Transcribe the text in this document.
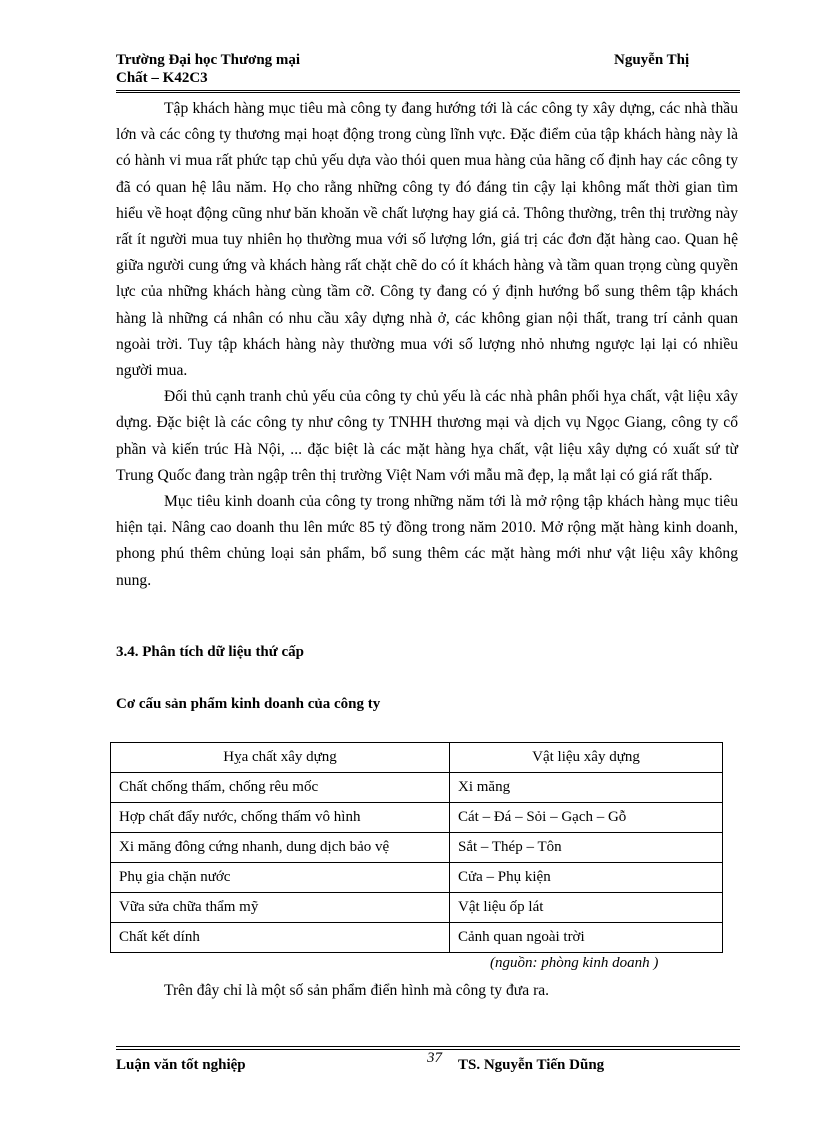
Trường Đại học Thương mại
Chất – K42C3
Nguyễn Thị

Tập khách hàng mục tiêu mà công ty đang hướng tới là các công ty xây dựng, các nhà thầu lớn và các công ty thương mại hoạt động trong cùng lĩnh vực. Đặc điểm của tập khách hàng này là có hành vi mua rất phức tạp chủ yếu dựa vào thói quen mua hàng của hãng cố định hay các công ty đã có quan hệ lâu năm. Họ cho rằng những công ty đó đáng tin cậy lại không mất thời gian tìm hiểu về hoạt động cũng như băn khoăn về chất lượng hay giá cả. Thông thường, trên thị trường này rất ít người mua tuy nhiên họ thường mua với số lượng lớn, giá trị các đơn đặt hàng cao. Quan hệ giữa người cung ứng và khách hàng rất chặt chẽ do có ít khách hàng và tầm quan trọng cùng quyền lực của những khách hàng cùng tầm cỡ. Công ty đang có ý định hướng bổ sung thêm tập khách hàng là những cá nhân có nhu cầu xây dựng nhà ở, các không gian nội thất, trang trí cảnh quan ngoài trời. Tuy tập khách hàng này thường mua với số lượng nhỏ nhưng ngược lại lại có nhiều người mua.

Đối thủ cạnh tranh chủ yếu của công ty chủ yếu là các nhà phân phối hỵa chất, vật liệu xây dựng. Đặc biệt là các công ty như công ty TNHH thương mại và dịch vụ Ngọc Giang, công ty cổ phần và kiến trúc Hà Nội, ... đặc biệt là các mặt hàng hỵa chất, vật liệu xây dựng có xuất sứ từ Trung Quốc đang tràn ngập trên thị trường Việt Nam với mẫu mã đẹp, lạ mắt lại có giá rất thấp.

Mục tiêu kinh doanh của công ty trong những năm tới là mở rộng tập khách hàng mục tiêu hiện tại. Nâng cao doanh thu lên mức 85 tỷ đồng trong năm 2010. Mở rộng mặt hàng kinh doanh, phong phú thêm chủng loại sản phẩm, bổ sung thêm các mặt hàng mới như vật liệu xây không nung.

3.4. Phân tích dữ liệu thứ cấp
Cơ cấu sản phẩm kinh doanh của công ty
Hỵa chất xây dựng	Vật liệu xây dựng
Chất chống thấm, chống rêu mốc	Xi măng
Hợp chất đẩy nước, chống thấm vô hình	Cát – Đá – Sỏi – Gạch – Gỗ
Xi măng đông cứng nhanh, dung dịch bảo vệ	Sắt – Thép – Tôn
Phụ gia chặn nước	Cửa – Phụ kiện
Vữa sửa chữa thẩm mỹ	Vật liệu ốp lát
Chất kết dính	Cảnh quan ngoài trời
(nguồn: phòng kinh doanh )
Trên đây chỉ là một số sản phẩm điển hình mà công ty đưa ra.
37
Luận văn tốt nghiệp	TS. Nguyễn Tiến Dũng
